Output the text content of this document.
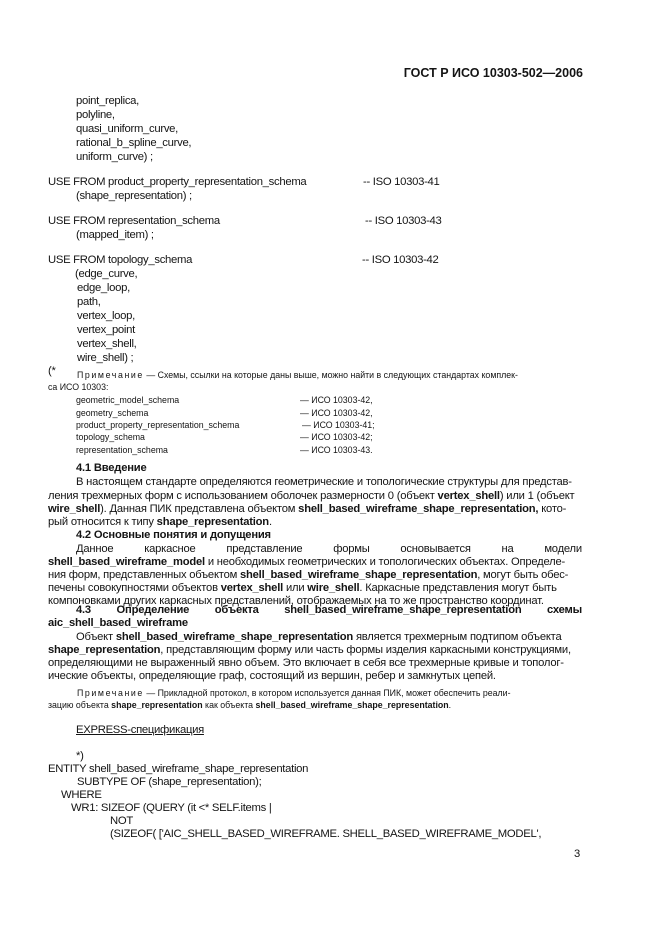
ГОСТ Р ИСО 10303-502—2006
point_replica,
polyline,
quasi_uniform_curve,
rational_b_spline_curve,
uniform_curve) ;
USE FROM product_property_representation_schema	-- ISO 10303-41
(shape_representation) ;
USE FROM representation_schema	-- ISO 10303-43
(mapped_item) ;
USE FROM topology_schema	-- ISO 10303-42
(edge_curve,
edge_loop,
path,
vertex_loop,
vertex_point
vertex_shell,
wire_shell) ;
(* Примечание — Схемы, ссылки на которые даны выше, можно найти в следующих стандартах комплек-
са ИСО 10303:
geometric_model_schema	— ИСО 10303-42,
geometry_schema	— ИСО 10303-42,
product_property_representation_schema	— ИСО 10303-41;
topology_schema	— ИСО 10303-42;
representation_schema	— ИСО 10303-43.
4.1 Введение
В настоящем стандарте определяются геометрические и топологические структуры для представ-
ления трехмерных форм с использованием оболочек размерности 0 (объект vertex_shell) или 1 (объект
wire_shell). Данная ПИК представлена объектом shell_based_wireframe_shape_representation, кото-
рый относится к типу shape_representation.
4.2 Основные понятия и допущения
Данное	каркасное	представление	формы	основывается	на	модели
shell_based_wireframe_model и необходимых геометрических и топологических объектах. Определе-
ния форм, представленных объектом shell_based_wireframe_shape_representation, могут быть обес-
печены совокупностями объектов vertex_shell или wire_shell. Каркасные представления могут быть
компоновками других каркасных представлений, отображаемых на то же пространство координат.
4.3 Определение объекта shell_based_wireframe_shape_representation схемы
aic_shell_based_wireframe
Объект shell_based_wireframe_shape_representation является трехмерным подтипом объекта
shape_representation, представляющим форму или часть формы изделия каркасными конструкциями,
определяющими не выраженный явно объем. Это включает в себя все трехмерные кривые и тополог-
ические объекты, определяющие граф, состоящий из вершин, ребер и замкнутых цепей.
Примечание — Прикладной протокол, в котором используется данная ПИК, может обеспечить реали-
зацию объекта shape_representation как объекта shell_based_wireframe_shape_representation.
EXPRESS-спецификация
*)
ENTITY shell_based_wireframe_shape_representation
SUBTYPE OF (shape_representation);
WHERE
WR1: SIZEOF (QUERY (it <* SELF.items |
NOT
(SIZEOF( ['AIC_SHELL_BASED_WIREFRAME. SHELL_BASED_WIREFRAME_MODEL',
3
